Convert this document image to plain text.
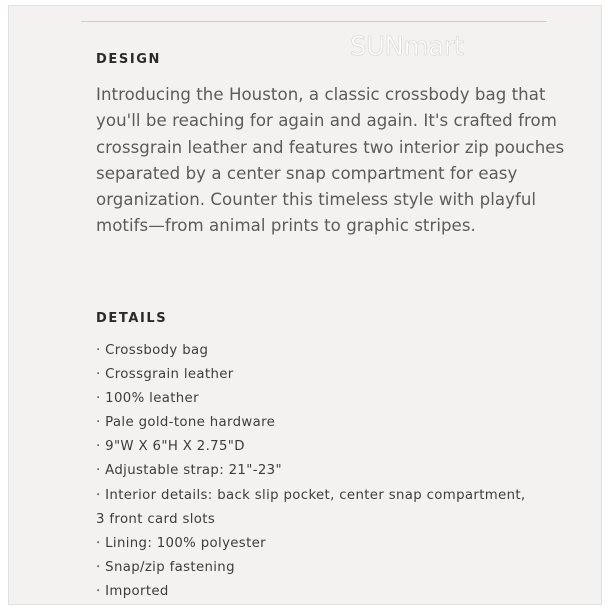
SUNmart
DESIGN

Introducing the Houston, a classic crossbody bag that you'll be reaching for again and again. It's crafted from crossgrain leather and features two interior zip pouches separated by a center snap compartment for easy organization. Counter this timeless style with playful motifs—from animal prints to graphic stripes.

DETAILS
· Crossbody bag
· Crossgrain leather
· 100% leather
· Pale gold-tone hardware
· 9"W X 6"H X 2.75"D
· Adjustable strap: 21"-23"
· Interior details: back slip pocket, center snap compartment, 3 front card slots
· Lining: 100% polyester
· Snap/zip fastening
· Imported
